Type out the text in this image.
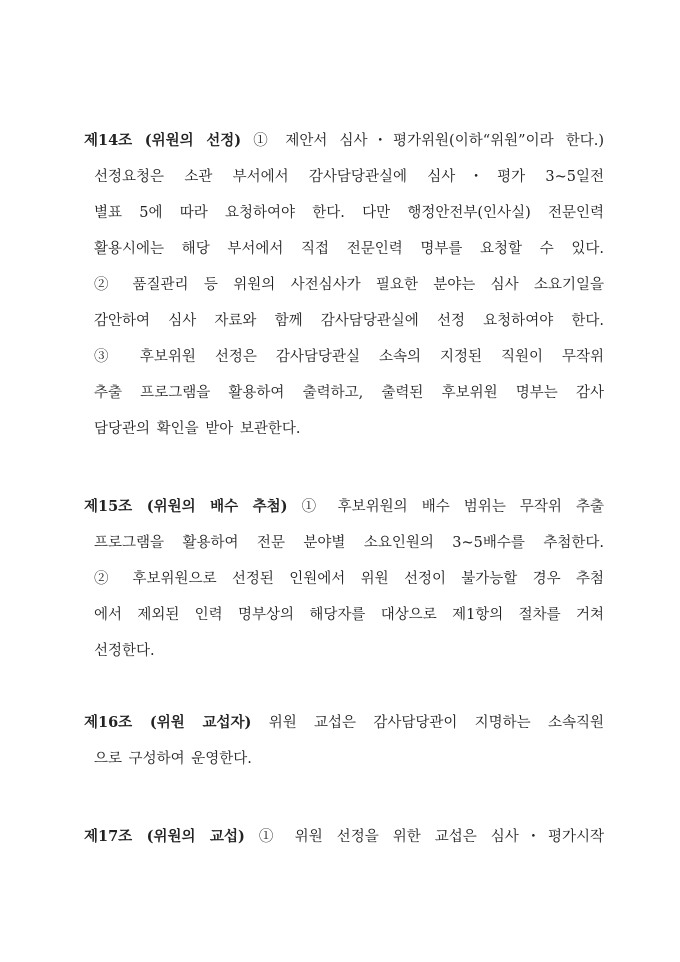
제14조 (위원의 선정) ① 제안서 심사・평가위원(이하“위원”이라 한다.)
선정요청은 소관 부서에서 감사담당관실에 심사・평가 3~5일전
별표 5에 따라 요청하여야 한다. 다만 행정안전부(인사실) 전문인력
활용시에는 해당 부서에서 직접 전문인력 명부를 요청할 수 있다.
② 품질관리 등 위원의 사전심사가 필요한 분야는 심사 소요기일을
감안하여 심사 자료와 함께 감사담당관실에 선정 요청하여야 한다.
③ 후보위원 선정은 감사담당관실 소속의 지정된 직원이 무작위
추출 프로그램을 활용하여 출력하고, 출력된 후보위원 명부는 감사
담당관의 확인을 받아 보관한다.
제15조 (위원의 배수 추첨) ① 후보위원의 배수 범위는 무작위 추출
프로그램을 활용하여 전문 분야별 소요인원의 3~5배수를 추첨한다.
② 후보위원으로 선정된 인원에서 위원 선정이 불가능할 경우 추첨
에서 제외된 인력 명부상의 해당자를 대상으로 제1항의 절차를 거쳐
선정한다.
제16조 (위원 교섭자) 위원 교섭은 감사담당관이 지명하는 소속직원
으로 구성하여 운영한다.
제17조 (위원의 교섭) ① 위원 선정을 위한 교섭은 심사・평가시작
